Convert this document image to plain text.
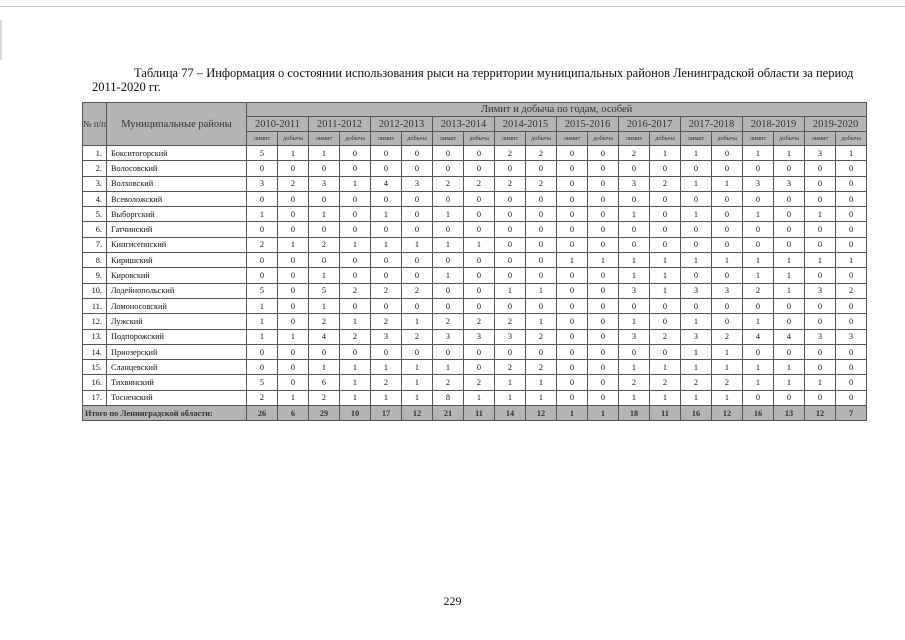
Таблица 77 – Информация о состоянии использования рыси на территории муниципальных районов Ленинградской области за период 2011-2020 гг.
№ п/п	Муниципальные районы	Лимит и добыча по годам, особей																			
		2010-2011		2011-2012		2012-2013		2013-2014		2014-2015		2015-2016		2016-2017		2017-2018		2018-2019		2019-2020	
		лимит	добыча	лимит	добыча	лимит	добыча	лимит	добыча	лимит	добыча	лимит	добыча	лимит	добыча	лимит	добыча	лимит	добыча	лимит	добыча
1.	Бокситогорский	5	1	1	0	0	0	0	0	2	2	0	0	2	1	1	0	1	1	3	1
2.	Волосовский	0	0	0	0	0	0	0	0	0	0	0	0	0	0	0	0	0	0	0	0
3.	Волховский	3	2	3	1	4	3	2	2	2	2	0	0	3	2	1	1	3	3	0	0
4.	Всеволожский	0	0	0	0	0	0	0	0	0	0	0	0	0	0	0	0	0	0	0	0
5.	Выборгский	1	0	1	0	1	0	1	0	0	0	0	0	1	0	1	0	1	0	1	0
6.	Гатчинский	0	0	0	0	0	0	0	0	0	0	0	0	0	0	0	0	0	0	0	0
7.	Кингисеппский	2	1	2	1	1	1	1	1	0	0	0	0	0	0	0	0	0	0	0	0
8.	Киришский	0	0	0	0	0	0	0	0	0	0	1	1	1	1	1	1	1	1	1	1
9.	Кировский	0	0	1	0	0	0	1	0	0	0	0	0	1	1	0	0	1	1	0	0
10.	Лодейнопольский	5	0	5	2	2	2	0	0	1	1	0	0	3	1	3	3	2	1	3	2
11.	Ломоносовский	1	0	1	0	0	0	0	0	0	0	0	0	0	0	0	0	0	0	0	0
12.	Лужский	1	0	2	1	2	1	2	2	2	1	0	0	1	0	1	0	1	0	0	0
13.	Подпорожский	1	1	4	2	3	2	3	3	3	2	0	0	3	2	3	2	4	4	3	3
14.	Приозерский	0	0	0	0	0	0	0	0	0	0	0	0	0	0	1	1	0	0	0	0
15.	Сланцевский	0	0	1	1	1	1	1	0	2	2	0	0	1	1	1	1	1	1	0	0
16.	Тихвинский	5	0	6	1	2	1	2	2	1	1	0	0	2	2	2	2	1	1	1	0
17.	Тосненский	2	1	2	1	1	1	8	1	1	1	0	0	1	1	1	1	0	0	0	0
Итого по Ленинградской области:		26	6	29	10	17	12	21	11	14	12	1	1	18	11	16	12	16	13	12	7
229
